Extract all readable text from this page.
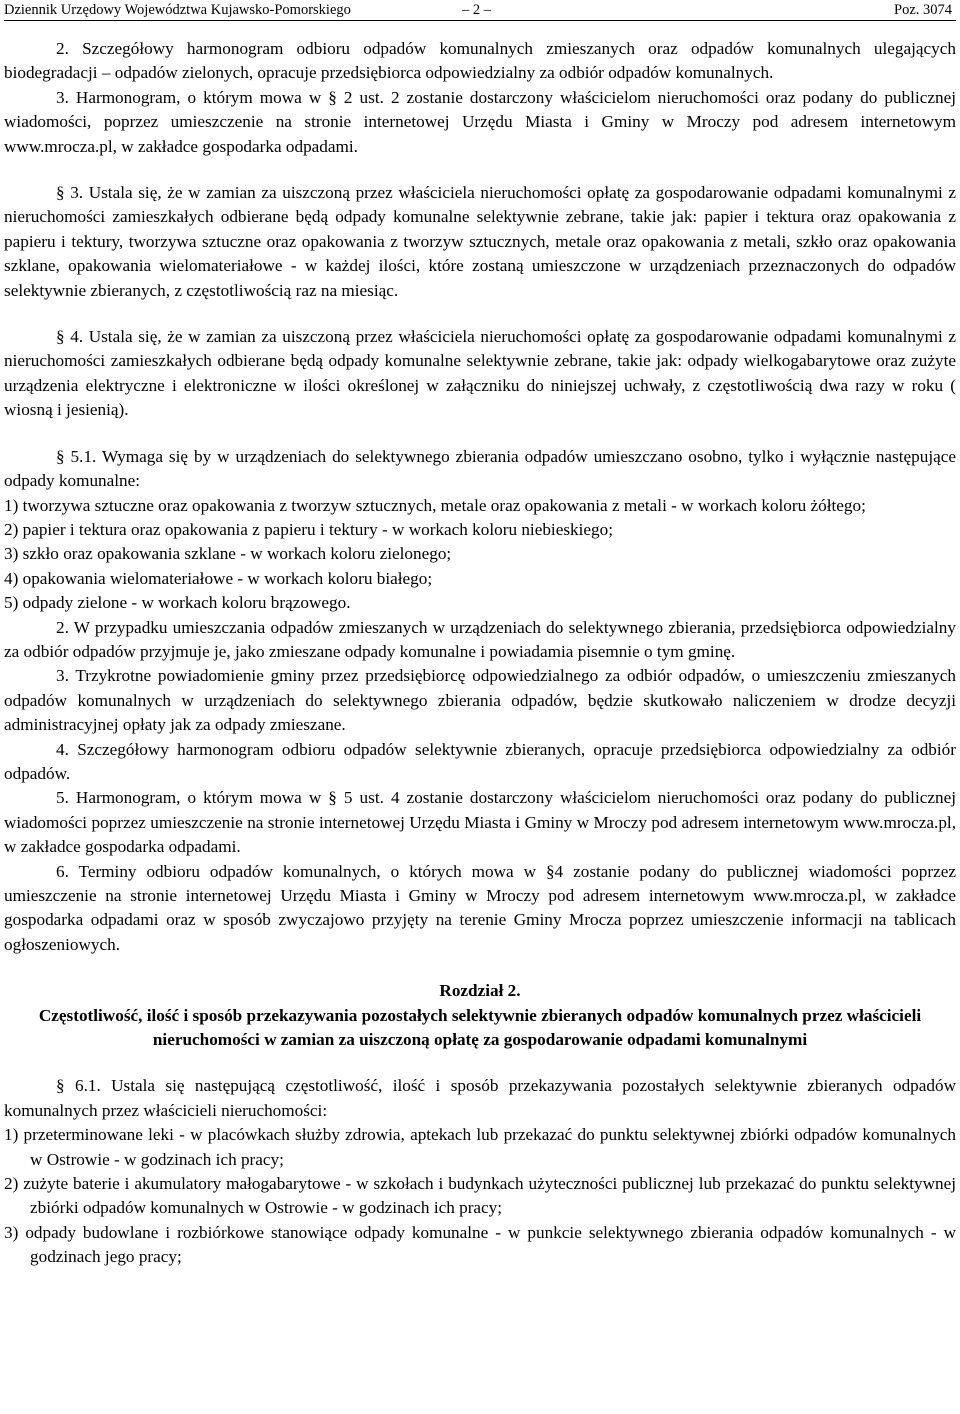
Dziennik Urzędowy Województwa Kujawsko-Pomorskiego	– 2 –	Poz. 3074

2. Szczegółowy harmonogram odbioru odpadów komunalnych zmieszanych oraz odpadów komunalnych ulegających biodegradacji – odpadów zielonych, opracuje przedsiębiorca odpowiedzialny za odbiór odpadów komunalnych.

3. Harmonogram, o którym mowa w § 2 ust. 2 zostanie dostarczony właścicielom nieruchomości oraz podany do publicznej wiadomości, poprzez umieszczenie na stronie internetowej Urzędu Miasta i Gminy w Mroczy pod adresem internetowym www.mrocza.pl, w zakładce gospodarka odpadami.

§ 3. Ustala się, że w zamian za uiszczoną przez właściciela nieruchomości opłatę za gospodarowanie odpadami komunalnymi z nieruchomości zamieszkałych odbierane będą odpady komunalne selektywnie zebrane, takie jak: papier i tektura oraz opakowania z papieru i tektury, tworzywa sztuczne oraz opakowania z tworzyw sztucznych, metale oraz opakowania z metali, szkło oraz opakowania szklane, opakowania wielomateriałowe - w każdej ilości, które zostaną umieszczone w urządzeniach przeznaczonych do odpadów selektywnie zbieranych, z częstotliwością raz na miesiąc.

§ 4. Ustala się, że w zamian za uiszczoną przez właściciela nieruchomości opłatę za gospodarowanie odpadami komunalnymi z nieruchomości zamieszkałych odbierane będą odpady komunalne selektywnie zebrane, takie jak: odpady wielkogabarytowe oraz zużyte urządzenia elektryczne i elektroniczne w ilości określonej w załączniku do niniejszej uchwały, z częstotliwością dwa razy w roku ( wiosną i jesienią).

§ 5.1. Wymaga się by w urządzeniach do selektywnego zbierania odpadów umieszczano osobno, tylko i wyłącznie następujące odpady komunalne:

1) tworzywa sztuczne oraz opakowania z tworzyw sztucznych, metale oraz opakowania z metali - w workach koloru żółtego;

2) papier i tektura oraz opakowania z papieru i tektury - w workach koloru niebieskiego;

3) szkło oraz opakowania szklane - w workach koloru zielonego;

4) opakowania wielomateriałowe - w workach koloru białego;

5) odpady zielone - w workach koloru brązowego.

2. W przypadku umieszczania odpadów zmieszanych w urządzeniach do selektywnego zbierania, przedsiębiorca odpowiedzialny za odbiór odpadów przyjmuje je, jako zmieszane odpady komunalne i powiadamia pisemnie o tym gminę.

3. Trzykrotne powiadomienie gminy przez przedsiębiorcę odpowiedzialnego za odbiór odpadów, o umieszczeniu zmieszanych odpadów komunalnych w urządzeniach do selektywnego zbierania odpadów, będzie skutkowało naliczeniem w drodze decyzji administracyjnej opłaty jak za odpady zmieszane.

4. Szczegółowy harmonogram odbioru odpadów selektywnie zbieranych, opracuje przedsiębiorca odpowiedzialny za odbiór odpadów.

5. Harmonogram, o którym mowa w § 5 ust. 4 zostanie dostarczony właścicielom nieruchomości oraz podany do publicznej wiadomości poprzez umieszczenie na stronie internetowej Urzędu Miasta i Gminy w Mroczy pod adresem internetowym www.mrocza.pl, w zakładce gospodarka odpadami.

6. Terminy odbioru odpadów komunalnych, o których mowa w §4 zostanie podany do publicznej wiadomości poprzez umieszczenie na stronie internetowej Urzędu Miasta i Gminy w Mroczy pod adresem internetowym www.mrocza.pl, w zakładce gospodarka odpadami oraz w sposób zwyczajowo przyjęty na terenie Gminy Mrocza poprzez umieszczenie informacji na tablicach ogłoszeniowych.

Rozdział 2.

Częstotliwość, ilość i sposób przekazywania pozostałych selektywnie zbieranych odpadów komunalnych przez właścicieli nieruchomości w zamian za uiszczoną opłatę za gospodarowanie odpadami komunalnymi

§ 6.1. Ustala się następującą częstotliwość, ilość i sposób przekazywania pozostałych selektywnie zbieranych odpadów komunalnych przez właścicieli nieruchomości:

1) przeterminowane leki - w placówkach służby zdrowia, aptekach lub przekazać do punktu selektywnej zbiórki odpadów komunalnych w Ostrowie - w godzinach ich pracy;

2) zużyte baterie i akumulatory małogabarytowe - w szkołach i budynkach użyteczności publicznej lub przekazać do punktu selektywnej zbiórki odpadów komunalnych w Ostrowie - w godzinach ich pracy;

3) odpady budowlane i rozbiórkowe stanowiące odpady komunalne - w punkcie selektywnego zbierania odpadów komunalnych - w godzinach jego pracy;
